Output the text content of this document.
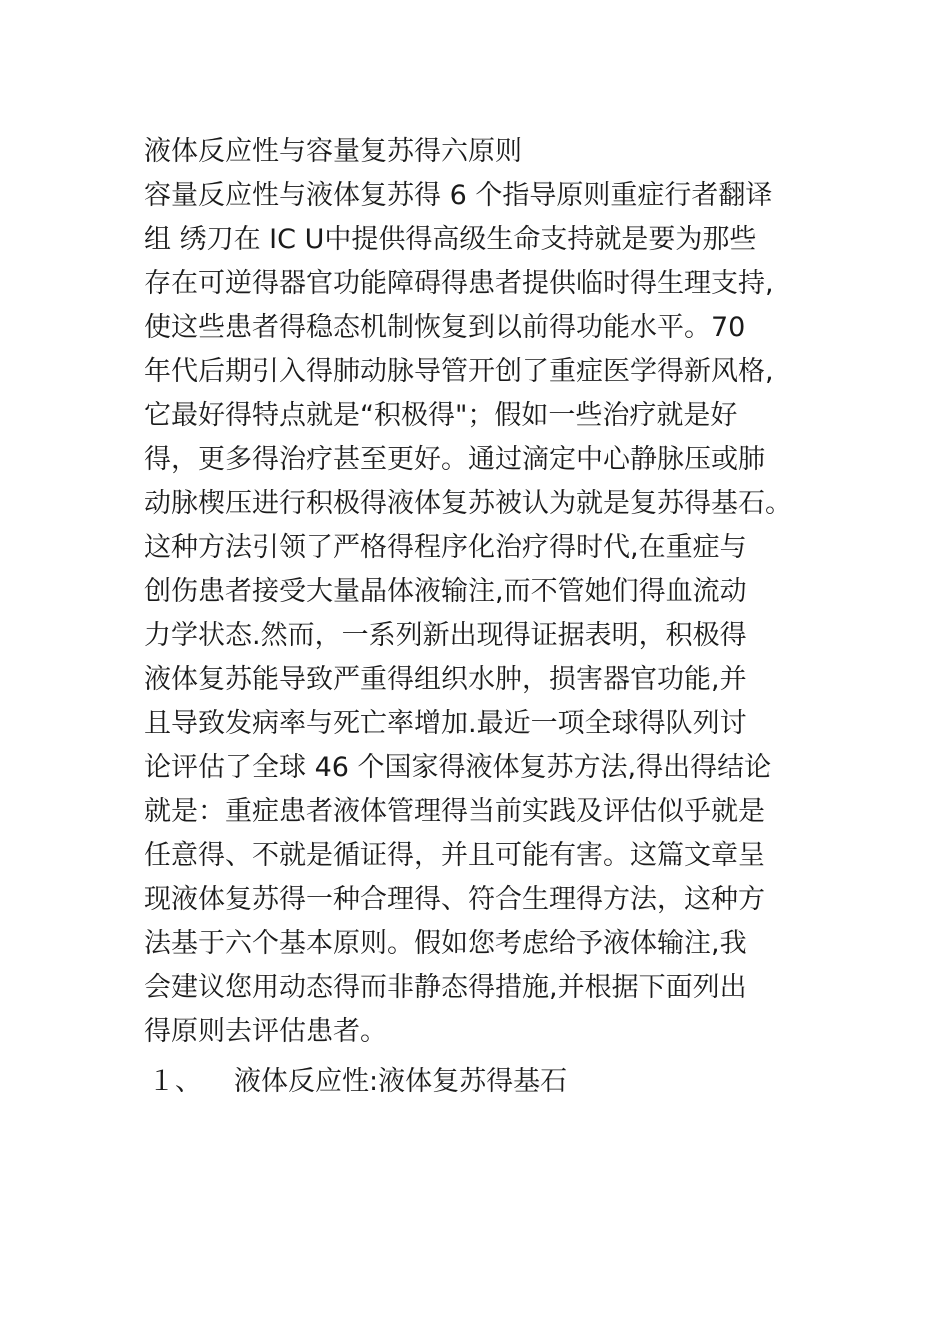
液体反应性与容量复苏得六原则
容量反应性与液体复苏得 6 个指导原则重症行者翻译
组 绣刀在 IC U中提供得高级生命支持就是要为那些
存在可逆得器官功能障碍得患者提供临时得生理支持,
使这些患者得稳态机制恢复到以前得功能水平。70
年代后期引入得肺动脉导管开创了重症医学得新风格,
它最好得特点就是“积极得"；假如一些治疗就是好
得，更多得治疗甚至更好。通过滴定中心静脉压或肺
动脉楔压进行积极得液体复苏被认为就是复苏得基石。
这种方法引领了严格得程序化治疗得时代,在重症与
创伤患者接受大量晶体液输注,而不管她们得血流动
力学状态.然而，一系列新出现得证据表明，积极得
液体复苏能导致严重得组织水肿，损害器官功能,并
且导致发病率与死亡率增加.最近一项全球得队列讨
论评估了全球 46 个国家得液体复苏方法,得出得结论
就是：重症患者液体管理得当前实践及评估似乎就是
任意得、不就是循证得，并且可能有害。这篇文章呈
现液体复苏得一种合理得、符合生理得方法，这种方
法基于六个基本原则。假如您考虑给予液体输注,我
会建议您用动态得而非静态得措施,并根据下面列出
得原则去评估患者。
１、 液体反应性:液体复苏得基石
